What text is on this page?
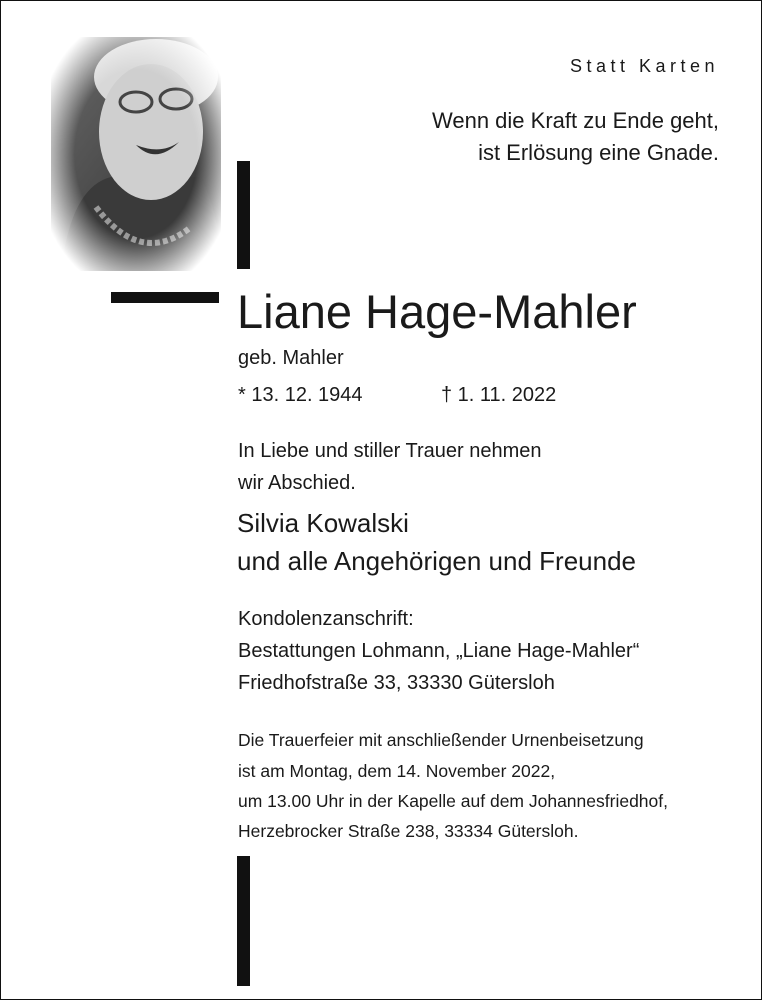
Statt Karten
Wenn die Kraft zu Ende geht,
ist Erlösung eine Gnade.
Liane Hage-Mahler
geb. Mahler
* 13. 12. 1944	† 1. 11. 2022
In Liebe und stiller Trauer nehmen
wir Abschied.
Silvia Kowalski
und alle Angehörigen und Freunde
Kondolenzanschrift:
Bestattungen Lohmann, „Liane Hage-Mahler“
Friedhofstraße 33, 33330 Gütersloh
Die Trauerfeier mit anschließender Urnenbeisetzung
ist am Montag, dem 14. November 2022,
um 13.00 Uhr in der Kapelle auf dem Johannesfriedhof,
Herzebrocker Straße 238, 33334 Gütersloh.
